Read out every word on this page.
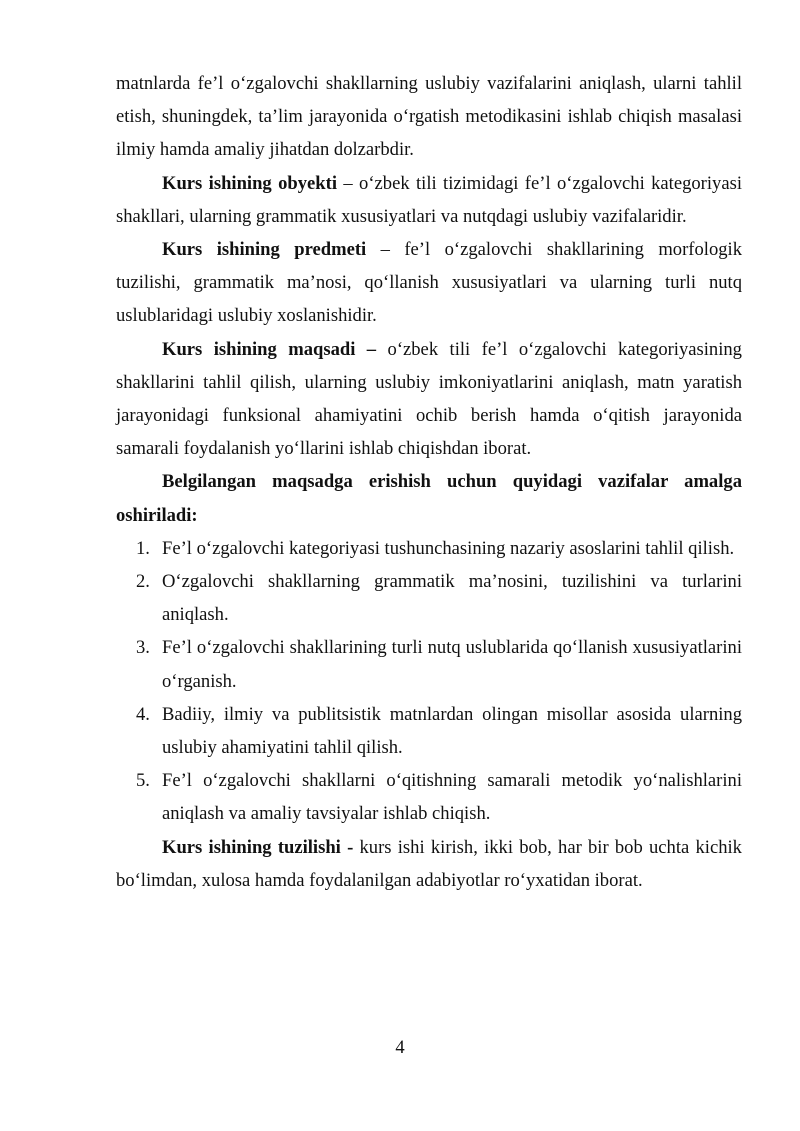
matnlarda fe’l o‘zgalovchi shakllarning uslubiy vazifalarini aniqlash, ularni tahlil etish, shuningdek, ta’lim jarayonida o‘rgatish metodikasini ishlab chiqish masalasi ilmiy hamda amaliy jihatdan dolzarbdir.

Kurs ishining obyekti – o‘zbek tili tizimidagi fe’l o‘zgalovchi kategoriyasi shakllari, ularning grammatik xususiyatlari va nutqdagi uslubiy vazifalaridir.

Kurs ishining predmeti – fe’l o‘zgalovchi shakllarining morfologik tuzilishi, grammatik ma’nosi, qo‘llanish xususiyatlari va ularning turli nutq uslublaridagi uslubiy xoslanishidir.

Kurs ishining maqsadi – o‘zbek tili fe’l o‘zgalovchi kategoriyasining shakllarini tahlil qilish, ularning uslubiy imkoniyatlarini aniqlash, matn yaratish jarayonidagi funksional ahamiyatini ochib berish hamda o‘qitish jarayonida samarali foydalanish yo‘llarini ishlab chiqishdan iborat.

Belgilangan maqsadga erishish uchun quyidagi vazifalar amalga oshiriladi:

1. Fe’l o‘zgalovchi kategoriyasi tushunchasining nazariy asoslarini tahlil qilish.
2. O‘zgalovchi shakllarning grammatik ma’nosini, tuzilishini va turlarini aniqlash.
3. Fe’l o‘zgalovchi shakllarining turli nutq uslublarida qo‘llanish xususiyatlarini o‘rganish.
4. Badiiy, ilmiy va publitsistik matnlardan olingan misollar asosida ularning uslubiy ahamiyatini tahlil qilish.
5. Fe’l o‘zgalovchi shakllarni o‘qitishning samarali metodik yo‘nalishlarini aniqlash va amaliy tavsiyalar ishlab chiqish.

Kurs ishining tuzilishi - kurs ishi kirish, ikki bob, har bir bob uchta kichik bo‘limdan, xulosa hamda foydalanilgan adabiyotlar ro‘yxatidan iborat.

4
